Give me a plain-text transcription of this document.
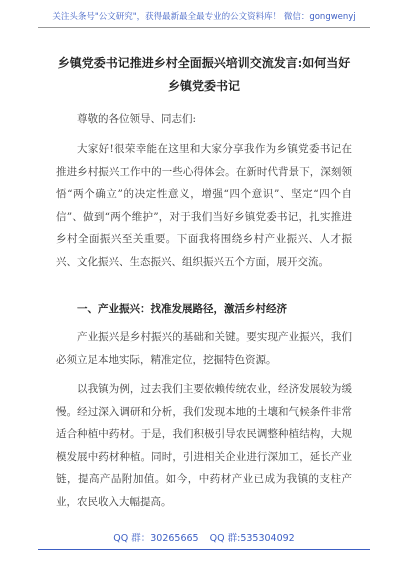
关注头条号"公文研究"，获得最新最全最专业的公文资料库！ 微信：gongwenyj
乡镇党委书记推进乡村全面振兴培训交流发言:如何当好乡镇党委书记

尊敬的各位领导、同志们:

大家好!很荣幸能在这里和大家分享我作为乡镇党委书记在推进乡村振兴工作中的一些心得体会。在新时代背景下，深刻领悟“两个确立”的决定性意义，增强“四个意识”、坚定“四个自信”、做到“两个维护”，对于我们当好乡镇党委书记，扎实推进乡村全面振兴至关重要。下面我将围绕乡村产业振兴、人才振兴、文化振兴、生态振兴、组织振兴五个方面，展开交流。

一、产业振兴：找准发展路径，激活乡村经济

产业振兴是乡村振兴的基础和关键。要实现产业振兴，我们必须立足本地实际，精准定位，挖掘特色资源。

以我镇为例，过去我们主要依赖传统农业，经济发展较为缓慢。经过深入调研和分析，我们发现本地的土壤和气候条件非常适合种植中药材。于是，我们积极引导农民调整种植结构，大规模发展中药材种植。同时，引进相关企业进行深加工，延长产业链，提高产品附加值。如今，中药材产业已成为我镇的支柱产业，农民收入大幅提高。

QQ 群：30265665 QQ 群:535304092
